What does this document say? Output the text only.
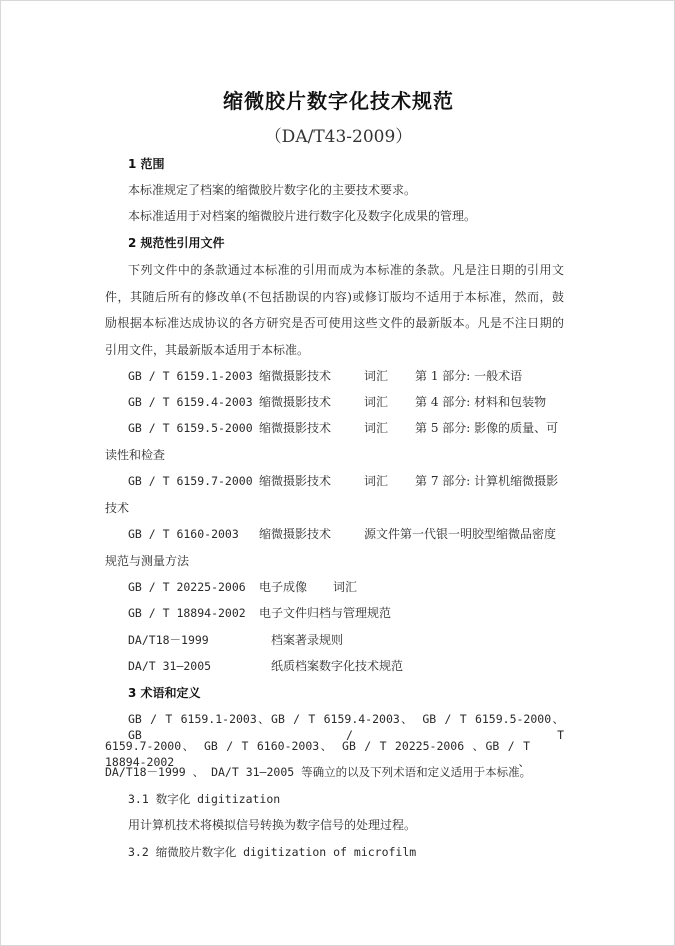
缩微胶片数字化技术规范
（DA/T43-2009）
1 范围
本标准规定了档案的缩微胶片数字化的主要技术要求。
本标准适用于对档案的缩微胶片进行数字化及数字化成果的管理。
2 规范性引用文件
下列文件中的条款通过本标准的引用而成为本标准的条款。凡是注日期的引用文
件，其随后所有的修改单(不包括勘误的内容)或修订版均不适用于本标准，然而，鼓
励根据本标准达成协议的各方研究是否可使用这些文件的最新版本。凡是不注日期的
引用文件，其最新版本适用于本标准。
GB / T 6159.1-2003 缩微摄影技术	词汇 第 1 部分: 一般术语
GB / T 6159.4-2003 缩微摄影技术	词汇 第 4 部分: 材料和包装物
GB / T 6159.5-2000 缩微摄影技术	词汇 第 5 部分: 影像的质量、可
读性和检查
GB / T 6159.7-2000 缩微摄影技术	词汇 第 7 部分: 计算机缩微摄影
技术
GB / T 6160-2003 缩微摄影技术	源文件第一代银一明胶型缩微品密度
规范与测量方法
GB / T 20225-2006 电子成像 词汇
GB / T 18894-2002 电子文件归档与管理规范
DA/T18－1999	档案著录规则
DA/T 31—2005	纸质档案数字化技术规范
3 术语和定义
GB / T 6159.1-2003、GB / T 6159.4-2003、 GB / T 6159.5-2000、 GB / T
6159.7-2000、 GB / T 6160-2003、 GB / T 20225-2006 、GB / T 18894-2002、
DA/T18－1999 、 DA/T 31—2005 等确立的以及下列术语和定义适用于本标准。
3.1 数字化 digitization
用计算机技术将模拟信号转换为数字信号的处理过程。
3.2 缩微胶片数字化 digitization of microfilm
